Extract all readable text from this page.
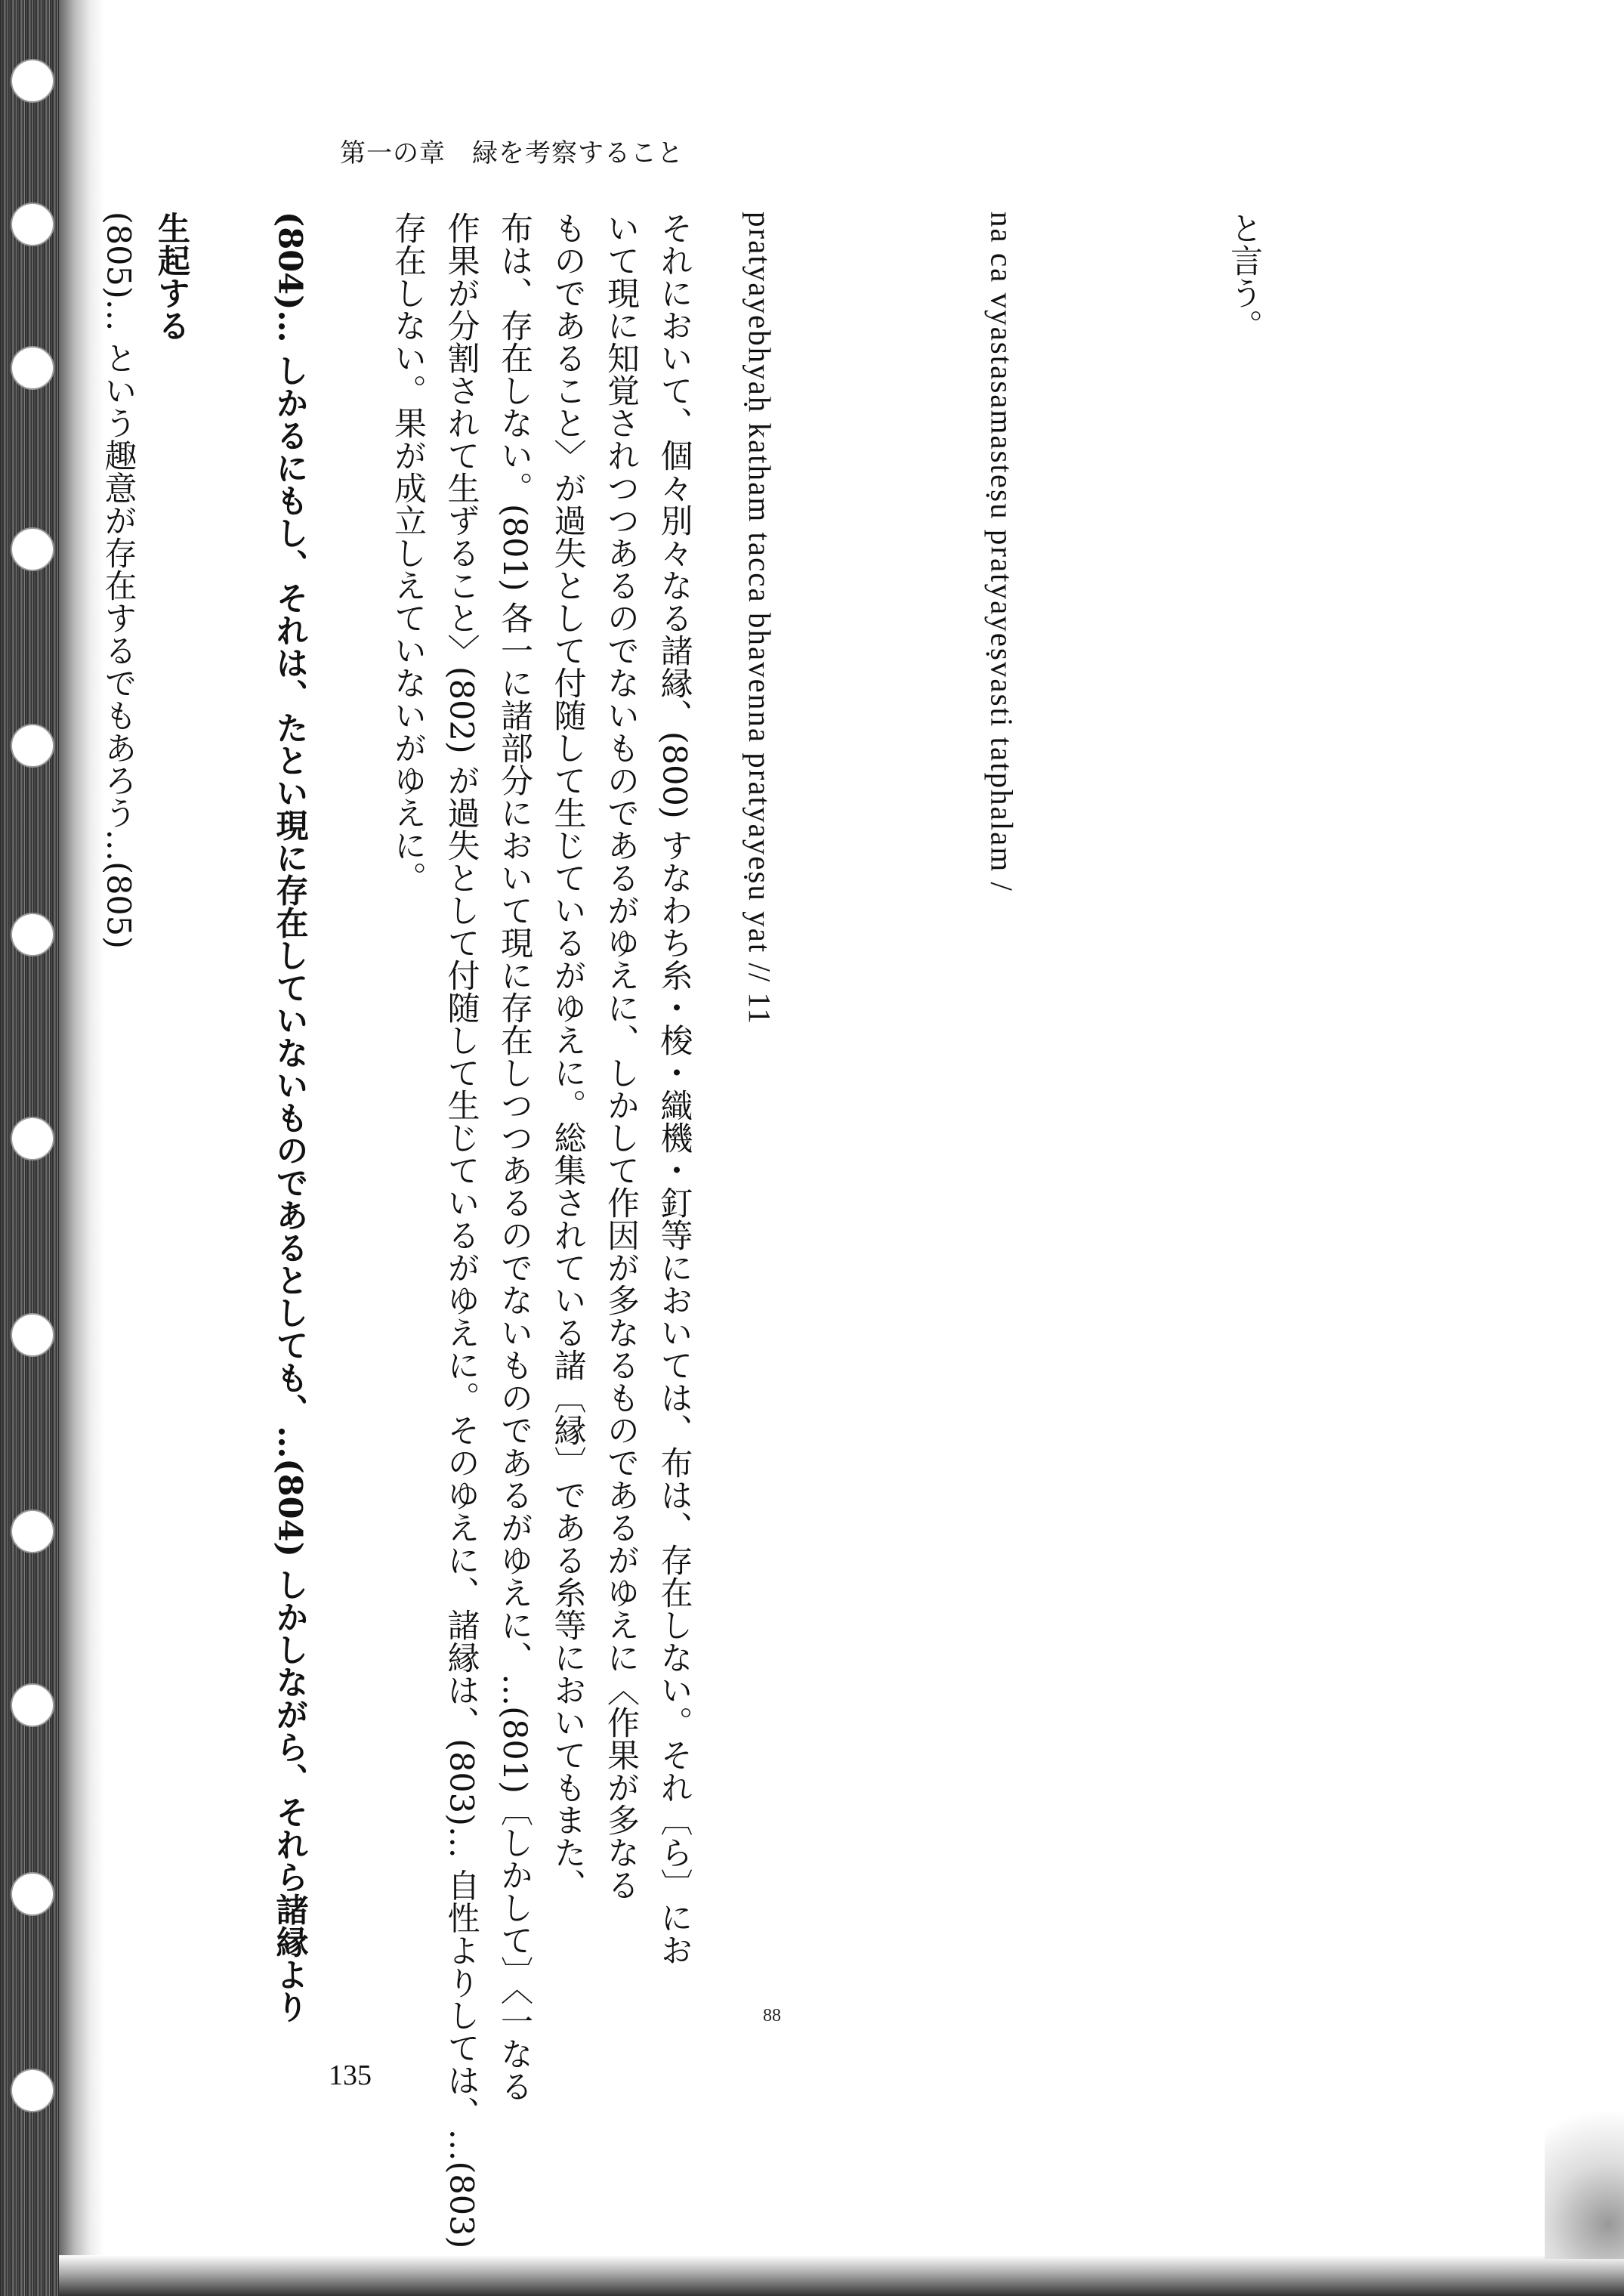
第一の章　緑を考察すること
と言う。
na ca vyastasamasteṣu pratyayeṣvasti tatphalam /
pratyayebhyaḥ katham tacca bhavenna pratyayeṣu yat // 11
それにおいて、個々別々なる諸縁、(800) すなわち糸・梭・織機・釘等においては、布は、存在しない。それ〔ら〕にお
いて現に知覚されつつあるのでないものであるがゆえに、しかして作因が多なるものであるがゆえに〈作果が多なる
ものであること〉が過失として付随して生じているがゆえに。総集されている諸〔縁〕である糸等においてもまた、
布は、存在しない。(801) 各一に諸部分において現に存在しつつあるのでないものであるがゆえに、…(801)〔しかして〕〈一なる
作果が分割されて生ずること〉(802) が過失として付随して生じているがゆえに。そのゆえに、諸縁は、(803)… 自性よりしては、…(803)
存在しない。果が成立しえていないがゆえに。
(804)… しかるにもし、それは、たとい現に存在していないものであるとしても、…(804) しかしながら、それら諸縁より
生起する
(805)… という趣意が存在するでもあろう…(805)
88
135
